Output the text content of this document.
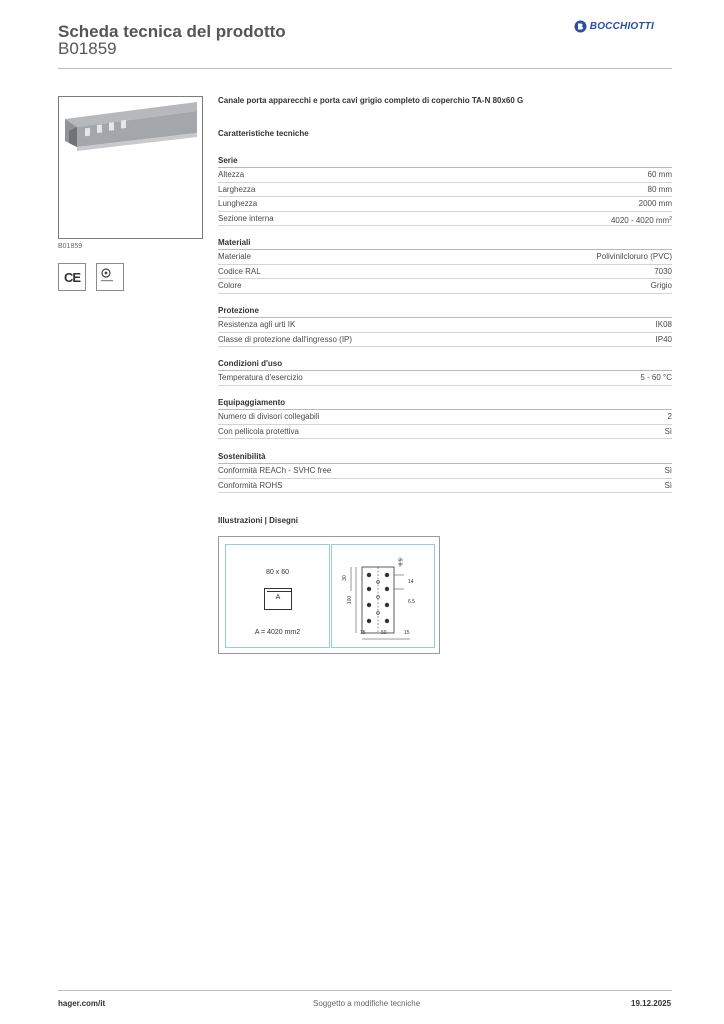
Scheda tecnica del prodotto
B01859
BOCCHIOTTI
B01859
CE
Canale porta apparecchi e porta cavi grigio completo di coperchio TA-N 80x60 G
Caratteristiche tecniche
Serie
Altezza	60 mm
Larghezza	80 mm
Lunghezza	2000 mm
Sezione interna	4020 - 4020 $mm^2$
Materiali
Materiale	Polivinilcloruro (PVC)
Codice RAL	7030
Colore	Grigio
Protezione
Resistenza agli urti IK	IK08
Classe di protezione dall'ingresso (IP)	IP40
Condizioni d'uso
Temperatura d'esercizio	5 - 60 °C
Equipaggiamento
Numero di divisori collegabili	2
Con pellicola protettiva	Sì
Sostenibilità
Conformità REACh - SVHC free	Sì
Conformità ROHS	Sì
Illustrazioni | Disegni
80 x 60
A
A = 4020 mm2
30
100
6.5
14
6.5
15	50	15
hager.com/it	Soggetto a modifiche tecniche	19.12.2025
